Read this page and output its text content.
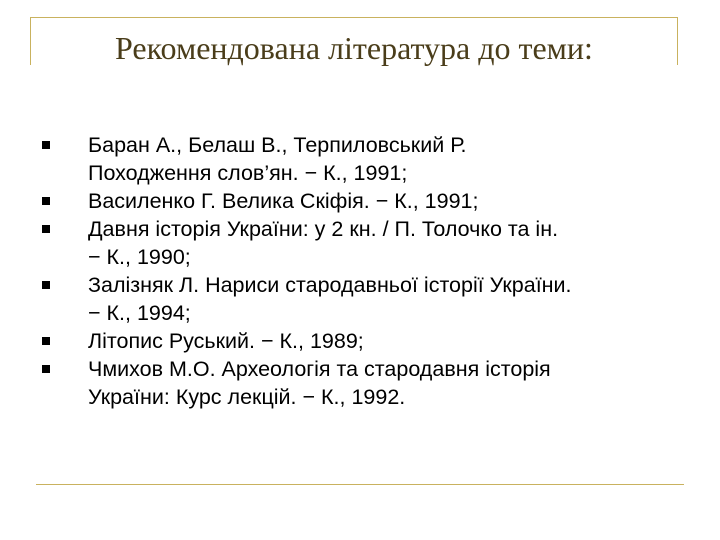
Рекомендована література до теми:
Баран А., Белаш В., Терпиловський Р.
Походження слов’ян. − К., 1991;
Василенко Г. Велика Скіфія. − К., 1991;
Давня історія України: у 2 кн. / П. Толочко та ін.
− К., 1990;
Залізняк Л. Нариси стародавньої історії України.
− К., 1994;
Літопис Руський. − К., 1989;
Чмихов М.О. Археологія та стародавня історія
України: Курс лекцій. − К., 1992.
